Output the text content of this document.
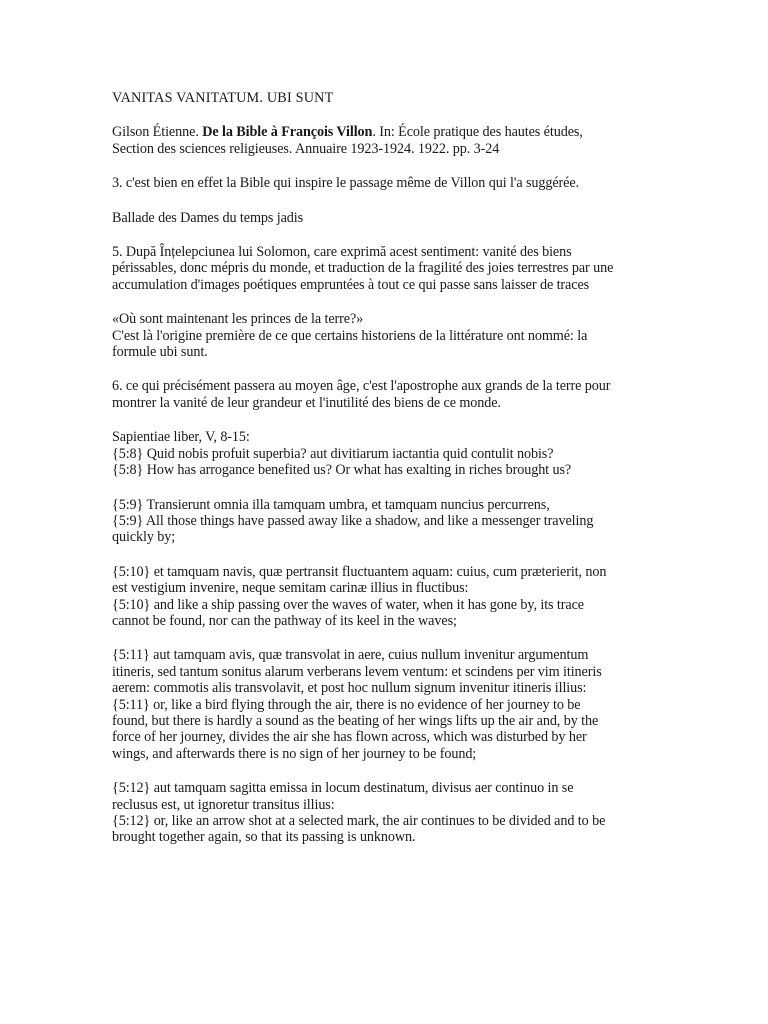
VANITAS VANITATUM. UBI SUNT
Gilson Étienne. De la Bible à François Villon. In: École pratique des hautes études,
Section des sciences religieuses. Annuaire 1923-1924. 1922. pp. 3-24
3. c'est bien en effet la Bible qui inspire le passage même de Villon qui l'a suggérée.
Ballade des Dames du temps jadis
5. După Înțelepciunea lui Solomon, care exprimă acest sentiment: vanité des biens
périssables, donc mépris du monde, et traduction de la fragilité des joies terrestres par une
accumulation d'images poétiques empruntées à tout ce qui passe sans laisser de traces
«Où sont maintenant les princes de la terre?»
C'est là l'origine première de ce que certains historiens de la littérature ont nommé: la
formule ubi sunt.
6. ce qui précisément passera au moyen âge, c'est l'apostrophe aux grands de la terre pour
montrer la vanité de leur grandeur et l'inutilité des biens de ce monde.
Sapientiae liber, V, 8-15:
{5:8} Quid nobis profuit superbia? aut divitiarum iactantia quid contulit nobis?
{5:8} How has arrogance benefited us? Or what has exalting in riches brought us?
{5:9} Transierunt omnia illa tamquam umbra, et tamquam nuncius percurrens,
{5:9} All those things have passed away like a shadow, and like a messenger traveling
quickly by;
{5:10} et tamquam navis, quæ pertransit fluctuantem aquam: cuius, cum præterierit, non
est vestigium invenire, neque semitam carinæ illius in fluctibus:
{5:10} and like a ship passing over the waves of water, when it has gone by, its trace
cannot be found, nor can the pathway of its keel in the waves;
{5:11} aut tamquam avis, quæ transvolat in aere, cuius nullum invenitur argumentum
itineris, sed tantum sonitus alarum verberans levem ventum: et scindens per vim itineris
aerem: commotis alis transvolavit, et post hoc nullum signum invenitur itineris illius:
{5:11} or, like a bird flying through the air, there is no evidence of her journey to be
found, but there is hardly a sound as the beating of her wings lifts up the air and, by the
force of her journey, divides the air she has flown across, which was disturbed by her
wings, and afterwards there is no sign of her journey to be found;
{5:12} aut tamquam sagitta emissa in locum destinatum, divisus aer continuo in se
reclusus est, ut ignoretur transitus illius:
{5:12} or, like an arrow shot at a selected mark, the air continues to be divided and to be
brought together again, so that its passing is unknown.
